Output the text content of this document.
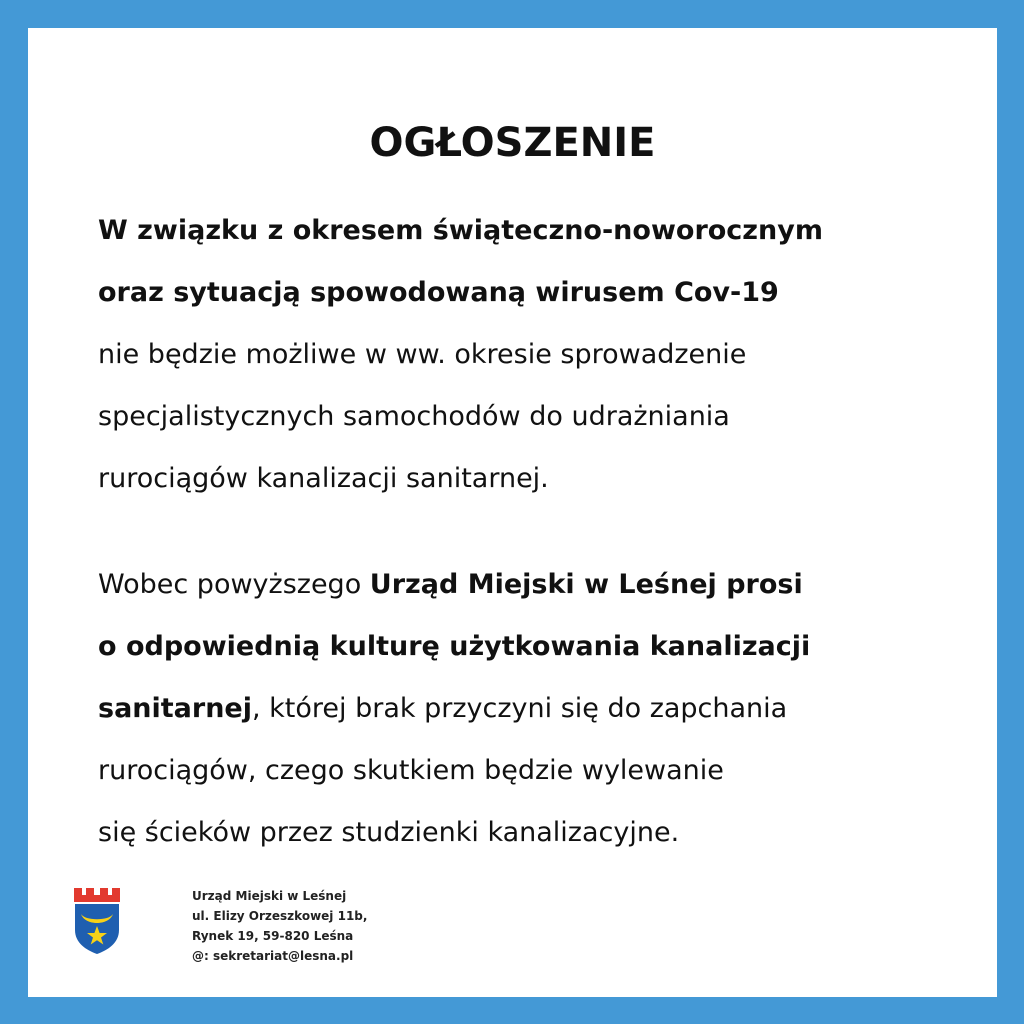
OGŁOSZENIE
W związku z okresem świąteczno-noworocznym
oraz sytuacją spowodowaną wirusem Cov-19
nie będzie możliwe w ww. okresie sprowadzenie
specjalistycznych samochodów do udrażniania
rurociągów kanalizacji sanitarnej.
Wobec powyższego Urząd Miejski w Leśnej prosi
o odpowiednią kulturę użytkowania kanalizacji
sanitarnej, której brak przyczyni się do zapchania
rurociągów, czego skutkiem będzie wylewanie
się ścieków przez studzienki kanalizacyjne.
Urząd Miejski w Leśnej
ul. Elizy Orzeszkowej 11b,
Rynek 19, 59-820 Leśna
@: sekretariat@lesna.pl
